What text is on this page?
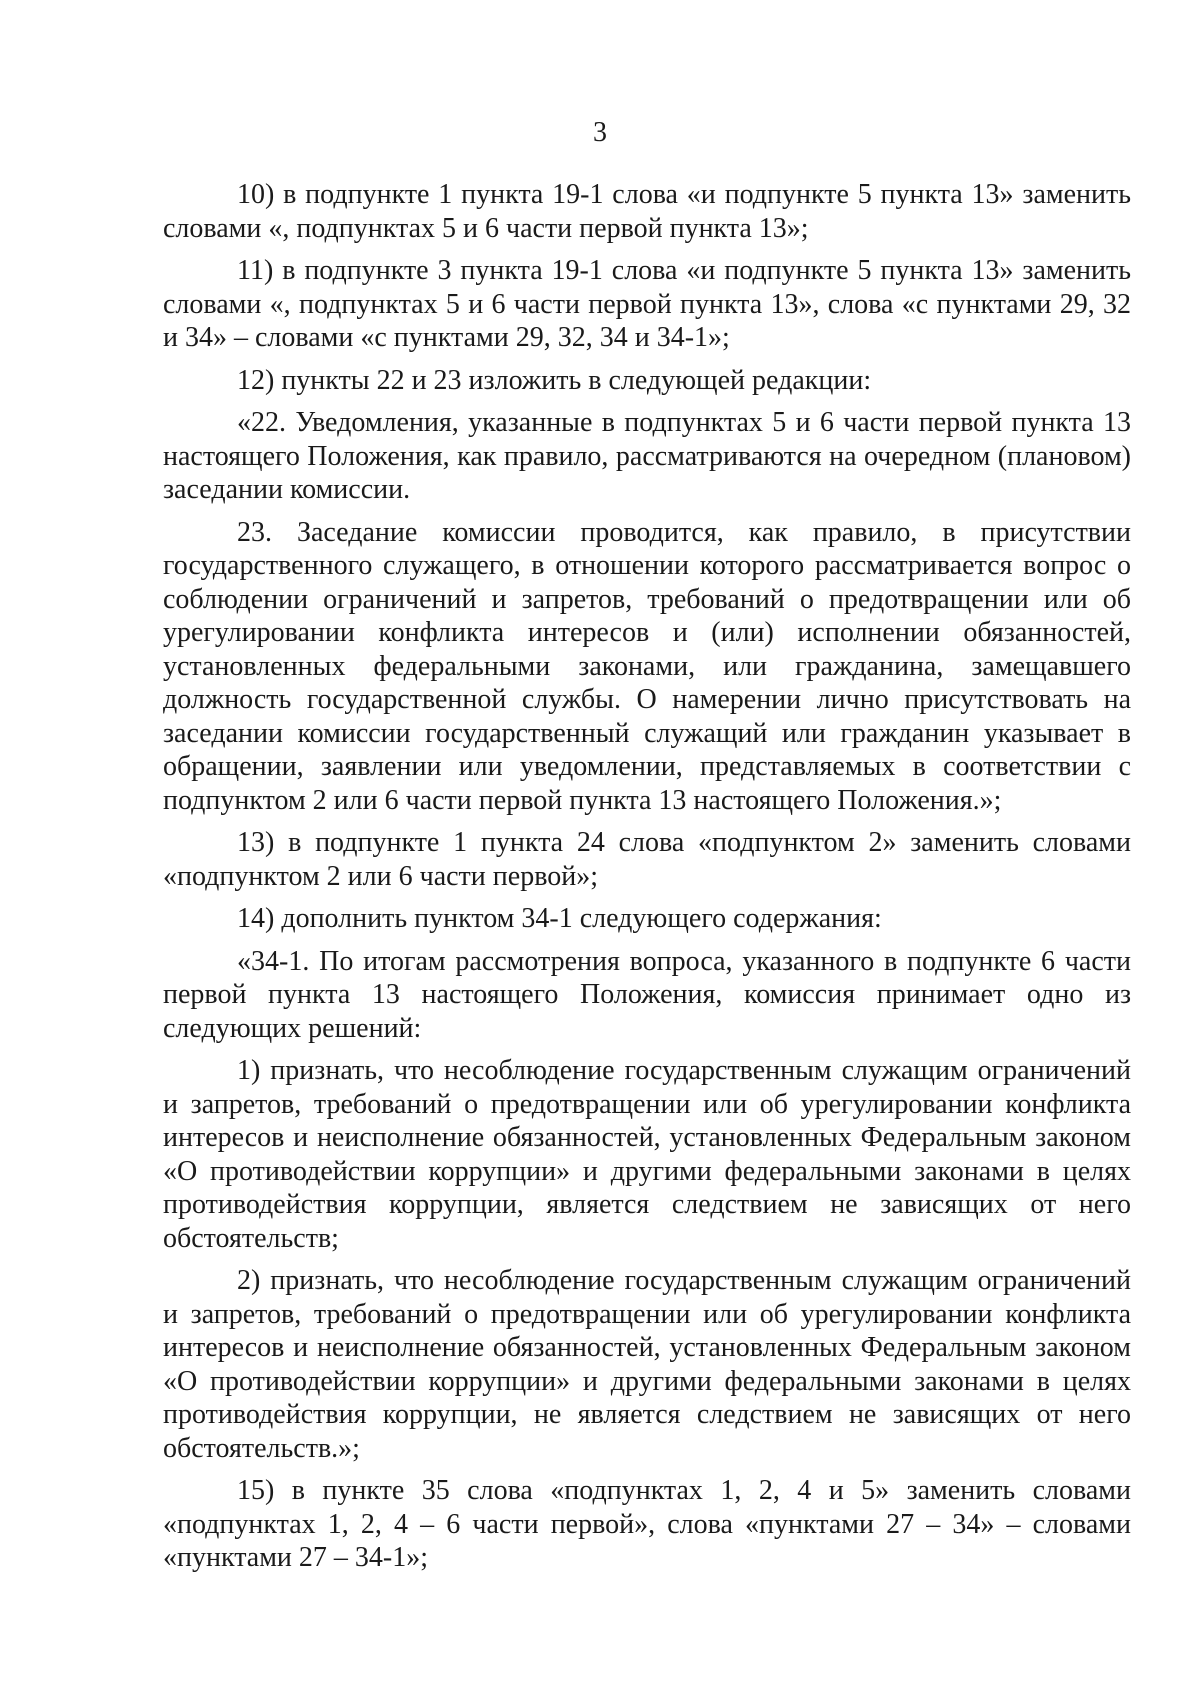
3

10) в подпункте 1 пункта 19-1 слова «и подпункте 5 пункта 13» заменить словами «, подпунктах 5 и 6 части первой пункта 13»;

11) в подпункте 3 пункта 19-1 слова «и подпункте 5 пункта 13» заменить словами «, подпунктах 5 и 6 части первой пункта 13», слова «с пунктами 29, 32 и 34» – словами «с пунктами 29, 32, 34 и 34-1»;

12) пункты 22 и 23 изложить в следующей редакции:

«22. Уведомления, указанные в подпунктах 5 и 6 части первой пункта 13 настоящего Положения, как правило, рассматриваются на очередном (плановом) заседании комиссии.

23. Заседание комиссии проводится, как правило, в присутствии государственного служащего, в отношении которого рассматривается вопрос о соблюдении ограничений и запретов, требований о предотвращении или об урегулировании конфликта интересов и (или) исполнении обязанностей, установленных федеральными законами, или гражданина, замещавшего должность государственной службы. О намерении лично присутствовать на заседании комиссии государственный служащий или гражданин указывает в обращении, заявлении или уведомлении, представляемых в соответствии с подпунктом 2 или 6 части первой пункта 13 настоящего Положения.»;

13) в подпункте 1 пункта 24 слова «подпунктом 2» заменить словами «подпунктом 2 или 6 части первой»;

14) дополнить пунктом 34-1 следующего содержания:

«34-1. По итогам рассмотрения вопроса, указанного в подпункте 6 части первой пункта 13 настоящего Положения, комиссия принимает одно из следующих решений:

1) признать, что несоблюдение государственным служащим ограничений и запретов, требований о предотвращении или об урегулировании конфликта интересов и неисполнение обязанностей, установленных Федеральным законом «О противодействии коррупции» и другими федеральными законами в целях противодействия коррупции, является следствием не зависящих от него обстоятельств;

2) признать, что несоблюдение государственным служащим ограничений и запретов, требований о предотвращении или об урегулировании конфликта интересов и неисполнение обязанностей, установленных Федеральным законом «О противодействии коррупции» и другими федеральными законами в целях противодействия коррупции, не является следствием не зависящих от него обстоятельств.»;

15) в пункте 35 слова «подпунктах 1, 2, 4 и 5» заменить словами «подпунктах 1, 2, 4 – 6 части первой», слова «пунктами 27 – 34» – словами «пунктами 27 – 34-1»;
